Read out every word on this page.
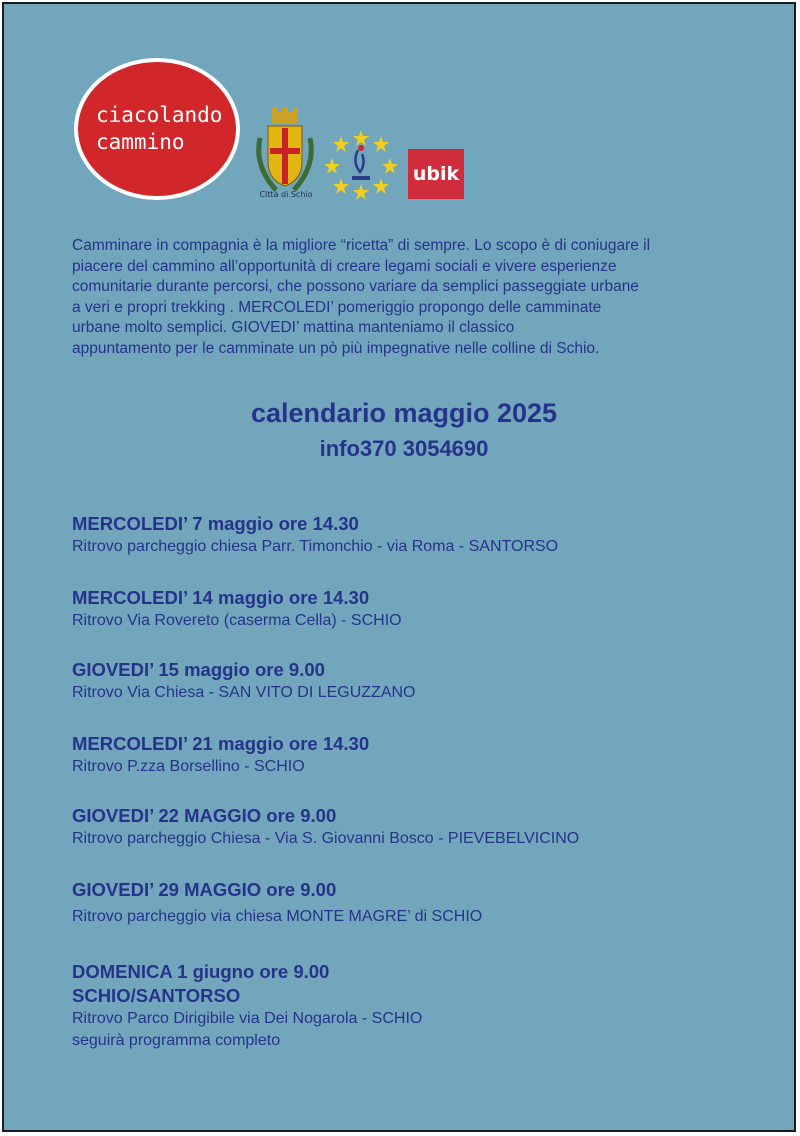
ciacolando
cammino
Città di Schio
ubik

Camminare in compagnia è la migliore “ricetta” di sempre. Lo scopo è di coniugare il
piacere del cammino all’opportunità di creare legami sociali e vivere esperienze
comunitarie durante percorsi, che possono variare da semplici passeggiate urbane
a veri e propri trekking . MERCOLEDI’ pomeriggio propongo delle camminate
urbane molto semplici. GIOVEDI’ mattina manteniamo il classico
appuntamento per le camminate un pò più impegnative nelle colline di Schio.

calendario maggio 2025
info370 3054690
MERCOLEDI’ 7 maggio ore 14.30
Ritrovo parcheggio chiesa Parr. Timonchio - via Roma - SANTORSO
MERCOLEDI’ 14 maggio ore 14.30
Ritrovo Via Rovereto (caserma Cella) - SCHIO
GIOVEDI’ 15 maggio ore 9.00
Ritrovo Via Chiesa - SAN VITO DI LEGUZZANO
MERCOLEDI’ 21 maggio ore 14.30
Ritrovo P.zza Borsellino - SCHIO
GIOVEDI’ 22 MAGGIO ore 9.00
Ritrovo parcheggio Chiesa - Via S. Giovanni Bosco - PIEVEBELVICINO
GIOVEDI’ 29 MAGGIO ore 9.00
Ritrovo parcheggio via chiesa MONTE MAGRE’ di SCHIO
DOMENICA 1 giugno ore 9.00
SCHIO/SANTORSO
Ritrovo Parco Dirigibile via Dei Nogarola - SCHIO
seguirà programma completo
